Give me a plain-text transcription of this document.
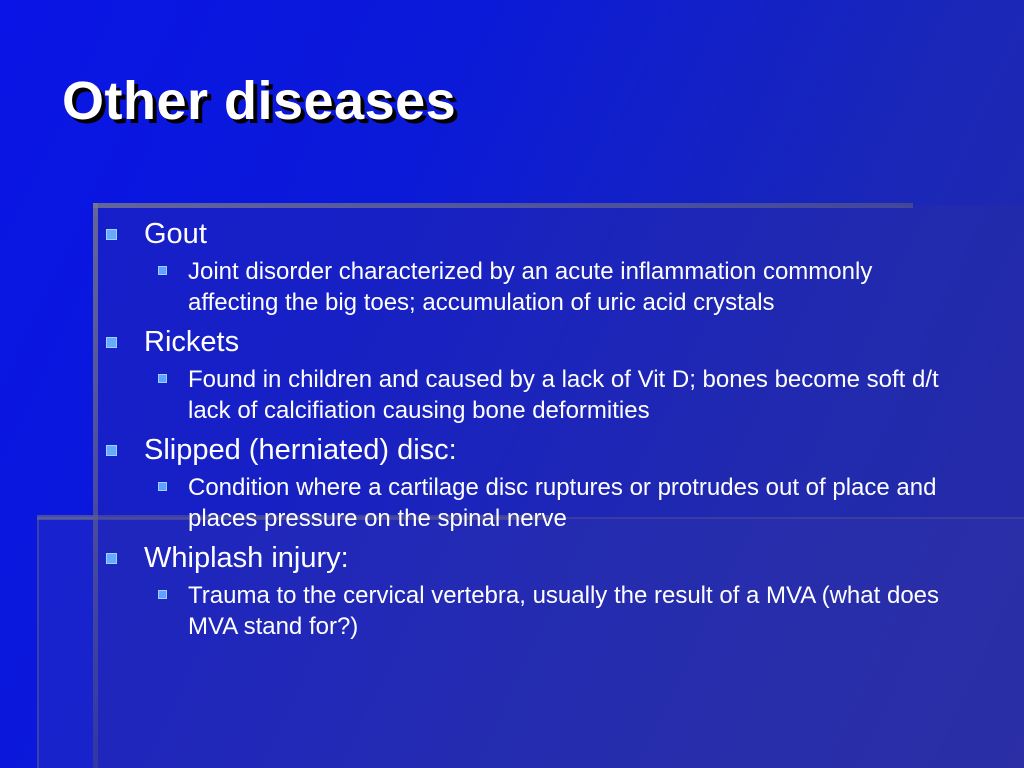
Other diseases
Gout
Joint disorder characterized by an acute inflammation commonly affecting the big toes; accumulation of uric acid crystals
Rickets
Found in children and caused by a lack of Vit D; bones become soft d/t lack of calcifiation causing bone deformities
Slipped (herniated) disc:
Condition where a cartilage disc ruptures or protrudes out of place and places pressure on the spinal nerve
Whiplash injury:
Trauma to the cervical vertebra, usually the result of a MVA (what does MVA stand for?)
